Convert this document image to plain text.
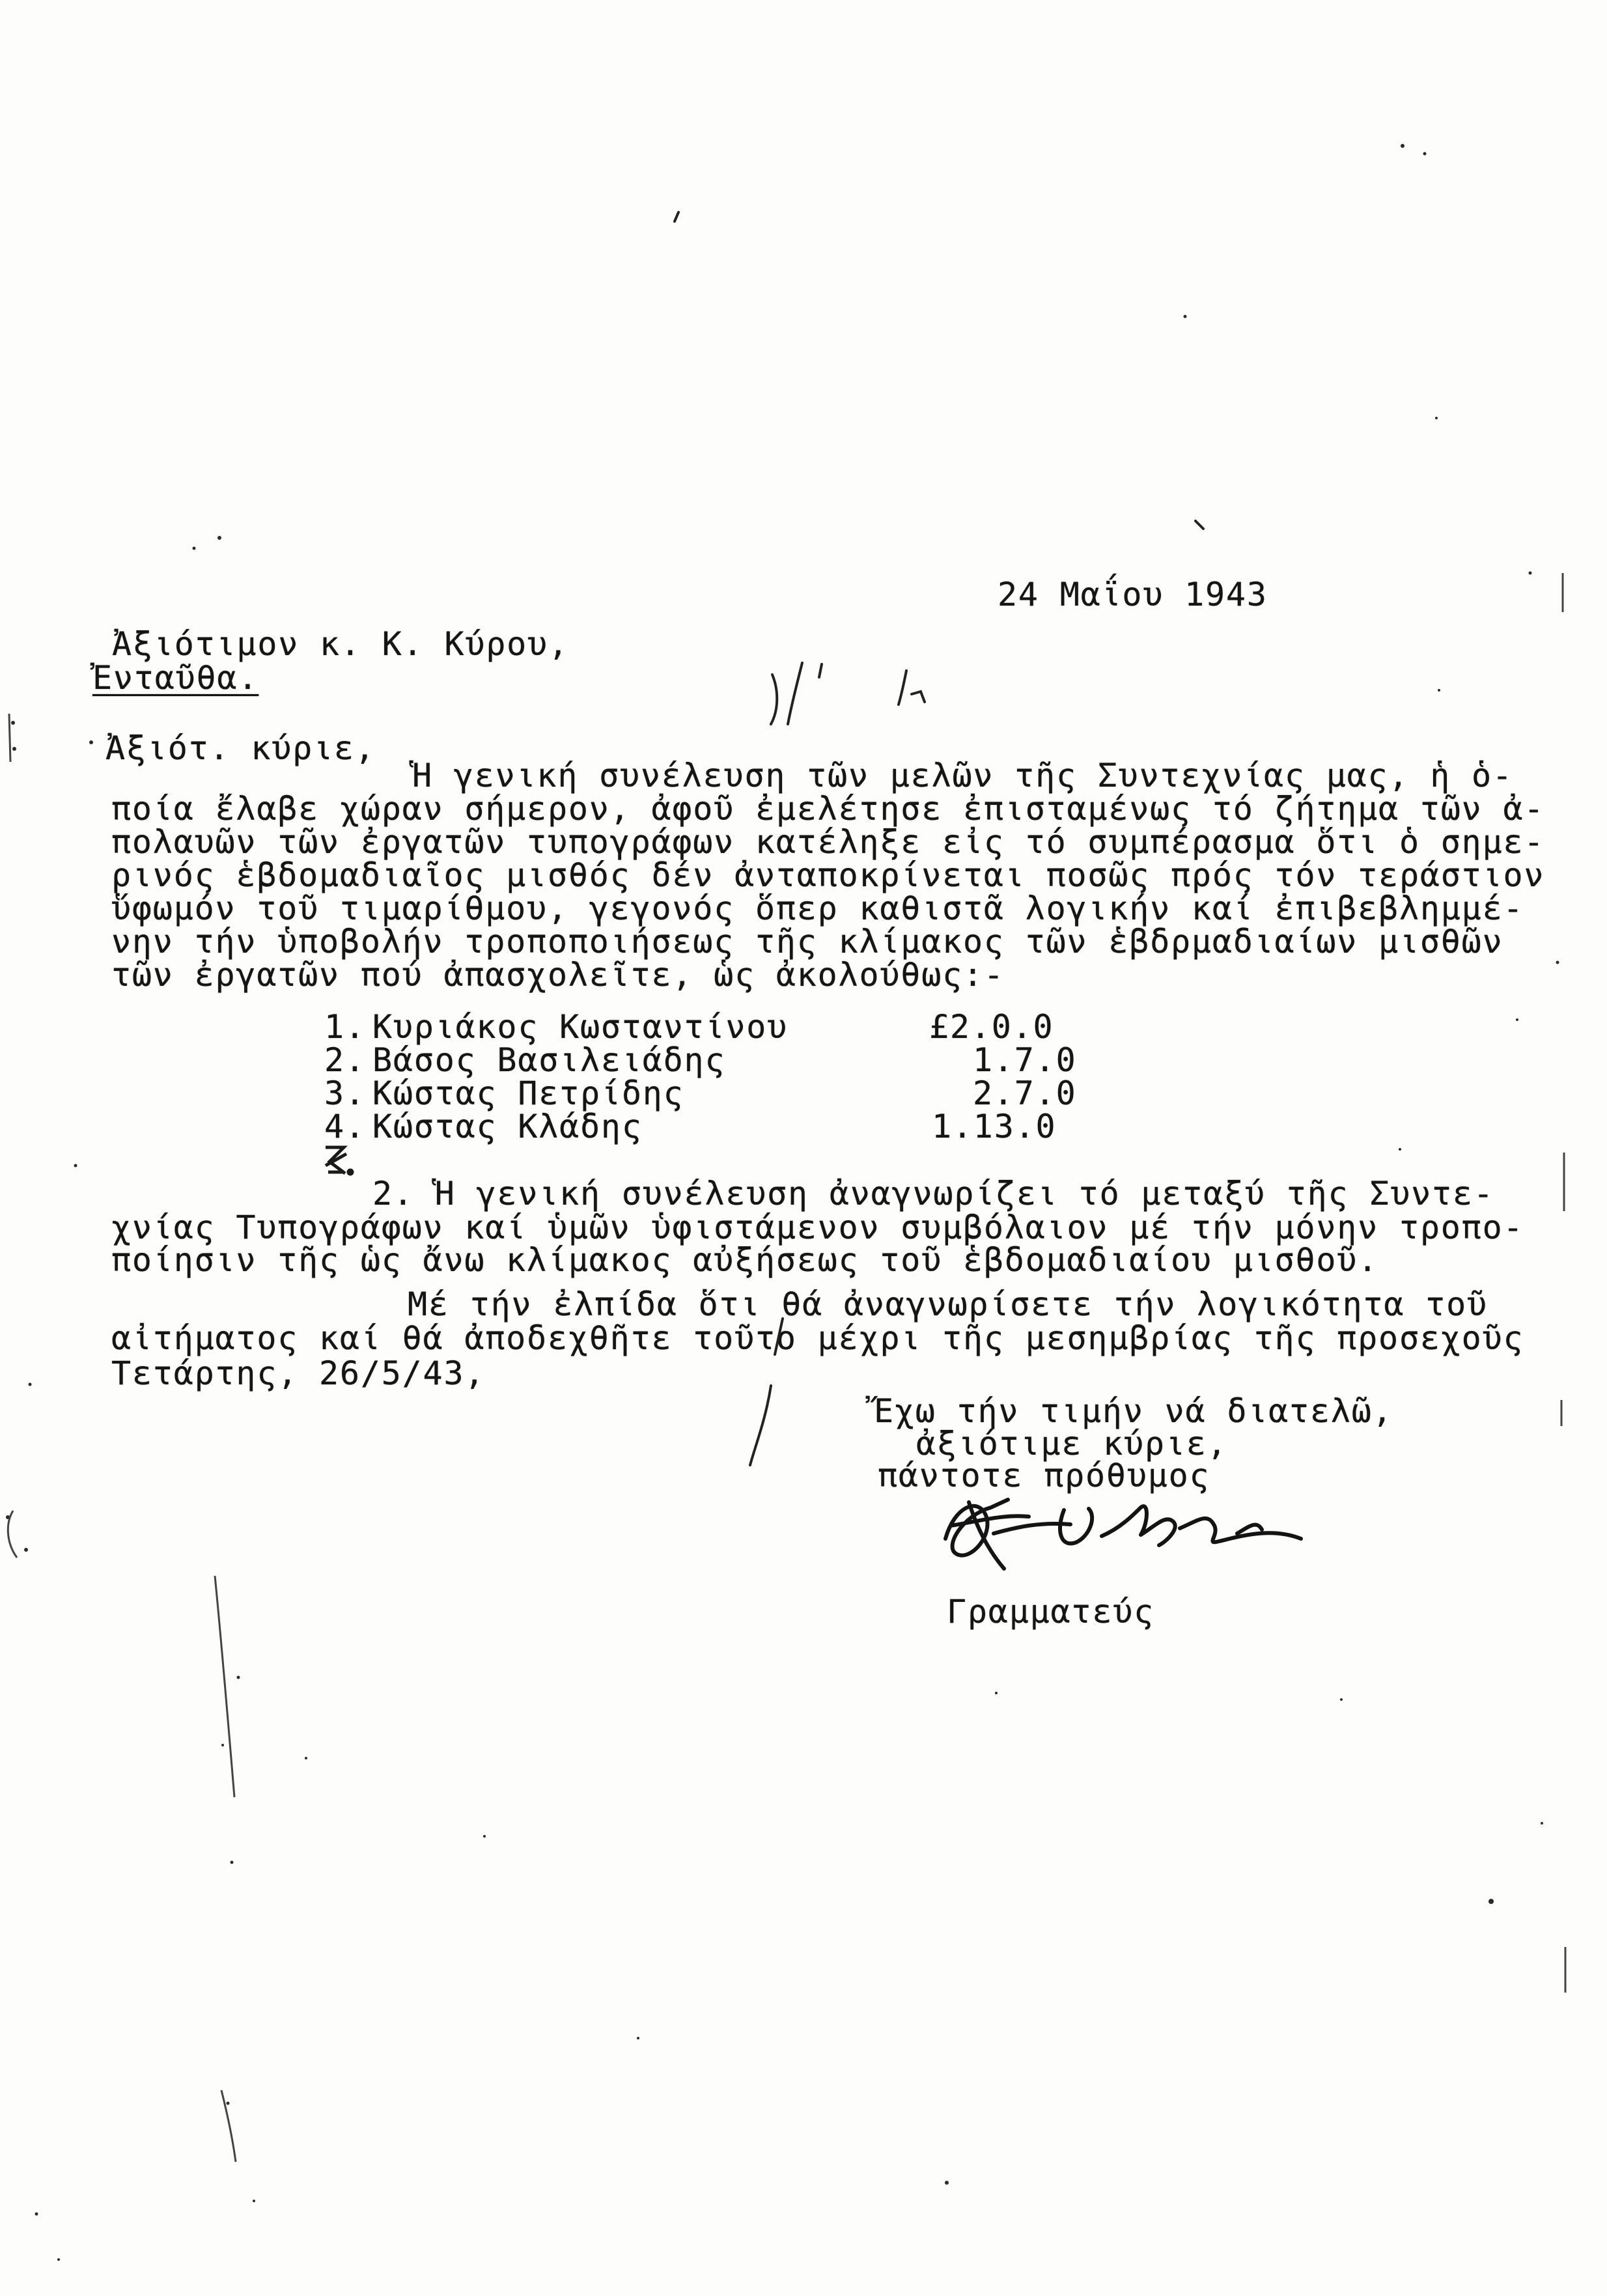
24 Μαΐου 1943
Ἀξιότιμον κ. Κ. Κύρου,
Ἐνταῦθα.
Ἀξιότ. κύριε,
Ἡ γενική συνέλευση τῶν μελῶν τῆς Συντεχνίας μας, ἡ ὁ-
ποία ἔλαβε χώραν σήμερον, ἀφοῦ ἐμελέτησε ἐπισταμένως τό ζήτημα τῶν ἀ-
πολαυῶν τῶν ἐργατῶν τυπογράφων κατέληξε εἰς τό συμπέρασμα ὅτι ὁ σημε-
ρινός ἑβδομαδιαῖος μισθός δέν ἀνταποκρίνεται ποσῶς πρός τόν τεράστιον
ὕφωμόν τοῦ τιμαρίθμου, γεγονός ὅπερ καθιστᾶ λογικήν καί ἐπιβεβλημμέ-
νην τήν ὑποβολήν τροποποιήσεως τῆς κλίμακος τῶν ἑβδρμαδιαίων μισθῶν
τῶν ἐργατῶν πού ἀπασχολεῖτε, ὡς ἀκολούθως:-
1. Κυριάκος Κωσταντίνου	£2.0.0
2. Βάσος Βασιλειάδης	1.7.0
3. Κώστας Πετρίδης	2.7.0
4. Κώστας Κλάδης	1.13.0
2. Ἡ γενική συνέλευση ἀναγνωρίζει τό μεταξύ τῆς Συντε-
χνίας Τυπογράφων καί ὑμῶν ὑφιστάμενον συμβόλαιον μέ τήν μόνην τροπο-
ποίησιν τῆς ὡς ἄνω κλίμακος αὐξήσεως τοῦ ἑβδομαδιαίου μισθοῦ.
Μέ τήν ἐλπίδα ὅτι θά ἀναγνωρίσετε τήν λογικότητα τοῦ
αἰτήματος καί θά ἀποδεχθῆτε τοῦτο μέχρι τῆς μεσημβρίας τῆς προσεχοῦς
Τετάρτης, 26/5/43,
Ἔχω τήν τιμήν νά διατελῶ,
ἀξιότιμε κύριε,
πάντοτε πρόθυμος
Γραμματεύς
